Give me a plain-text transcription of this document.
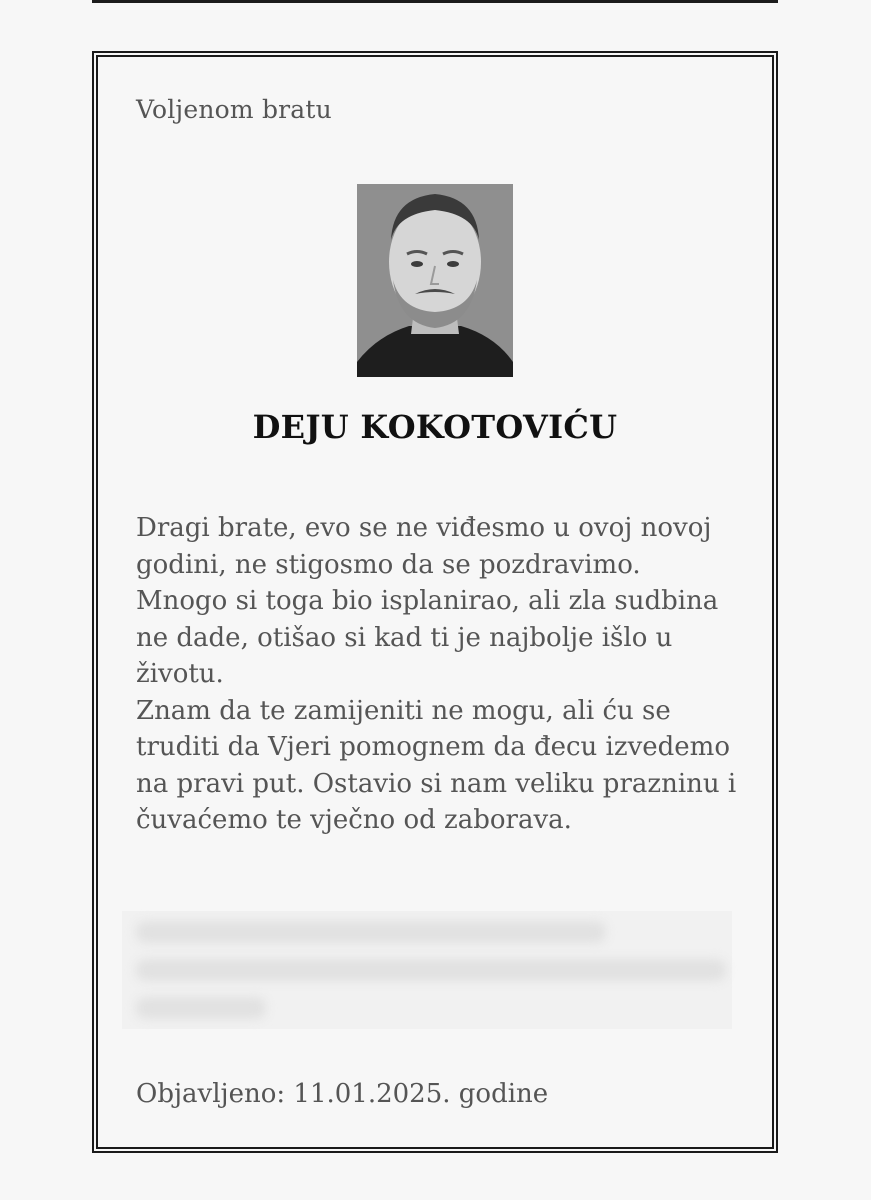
Voljenom bratu

DEJU KOKOTOVIĆU

Dragi brate, evo se ne viđesmo u ovoj novoj godini, ne stigosmo da se pozdravimo.

Mnogo si toga bio isplanirao, ali zla sudbina ne dade, otišao si kad ti je najbolje išlo u životu.

Znam da te zamijeniti ne mogu, ali ću se truditi da Vjeri pomognem da đecu izvedemo na pravi put. Ostavio si nam veliku prazninu i čuvaćemo te vječno od zaborava.

Objavljeno: 11.01.2025. godine
